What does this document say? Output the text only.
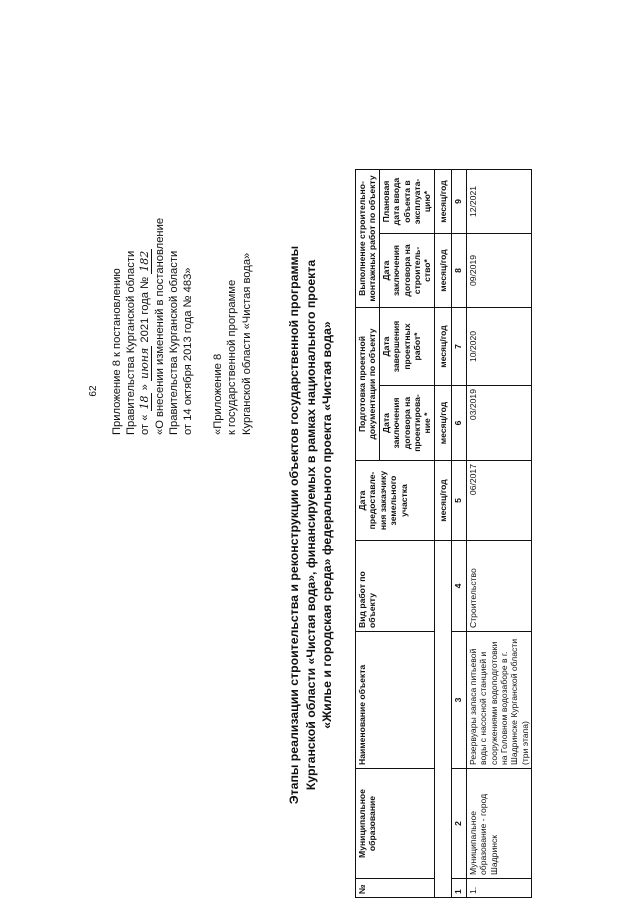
62 Приложение 8 к постановлению Правительства Курганской области от « 18 » июня 2021 года № 182 «О внесении изменений в постановление Правительства Курганской области от 14 октября 2013 года № 483» «Приложение 8 к государственной программе Курганской области «Чистая вода»	Этапы реализации строительства и реконструкции объектов государственной программы Курганской области «Чистая вода», финансируемых в рамках национального проекта «Жилье и городская среда» федерального проекта «Чистая вода»
№	Муниципальное образование	Наименование объекта	Вид работ по объекту	Дата предоставле-ния заказчику земельного участка	Подготовка проектной документации по объекту		Выполнение строительно-монтажных работ по объекту	
					Дата заключения договора на проектирова-ние *	Дата завершения проектных работ*	Дата заключения договора на строитель-ство*	Плановая дата ввода объекта в эксплуата-цию*
				месяц/год	месяц/год	месяц/год	месяц/год	месяц/год
1	2	3	4	5	6	7	8	9
1.	Муниципальное образование - город Шадринск	Резервуары запаса питьевой воды с насосной станцией и сооружениями водоподготовки на Головном водозаборе в г. Шадринске Курганской области (три этапа)	Строительство	06/2017	03/2019	10/2020	09/2019	12/2021
